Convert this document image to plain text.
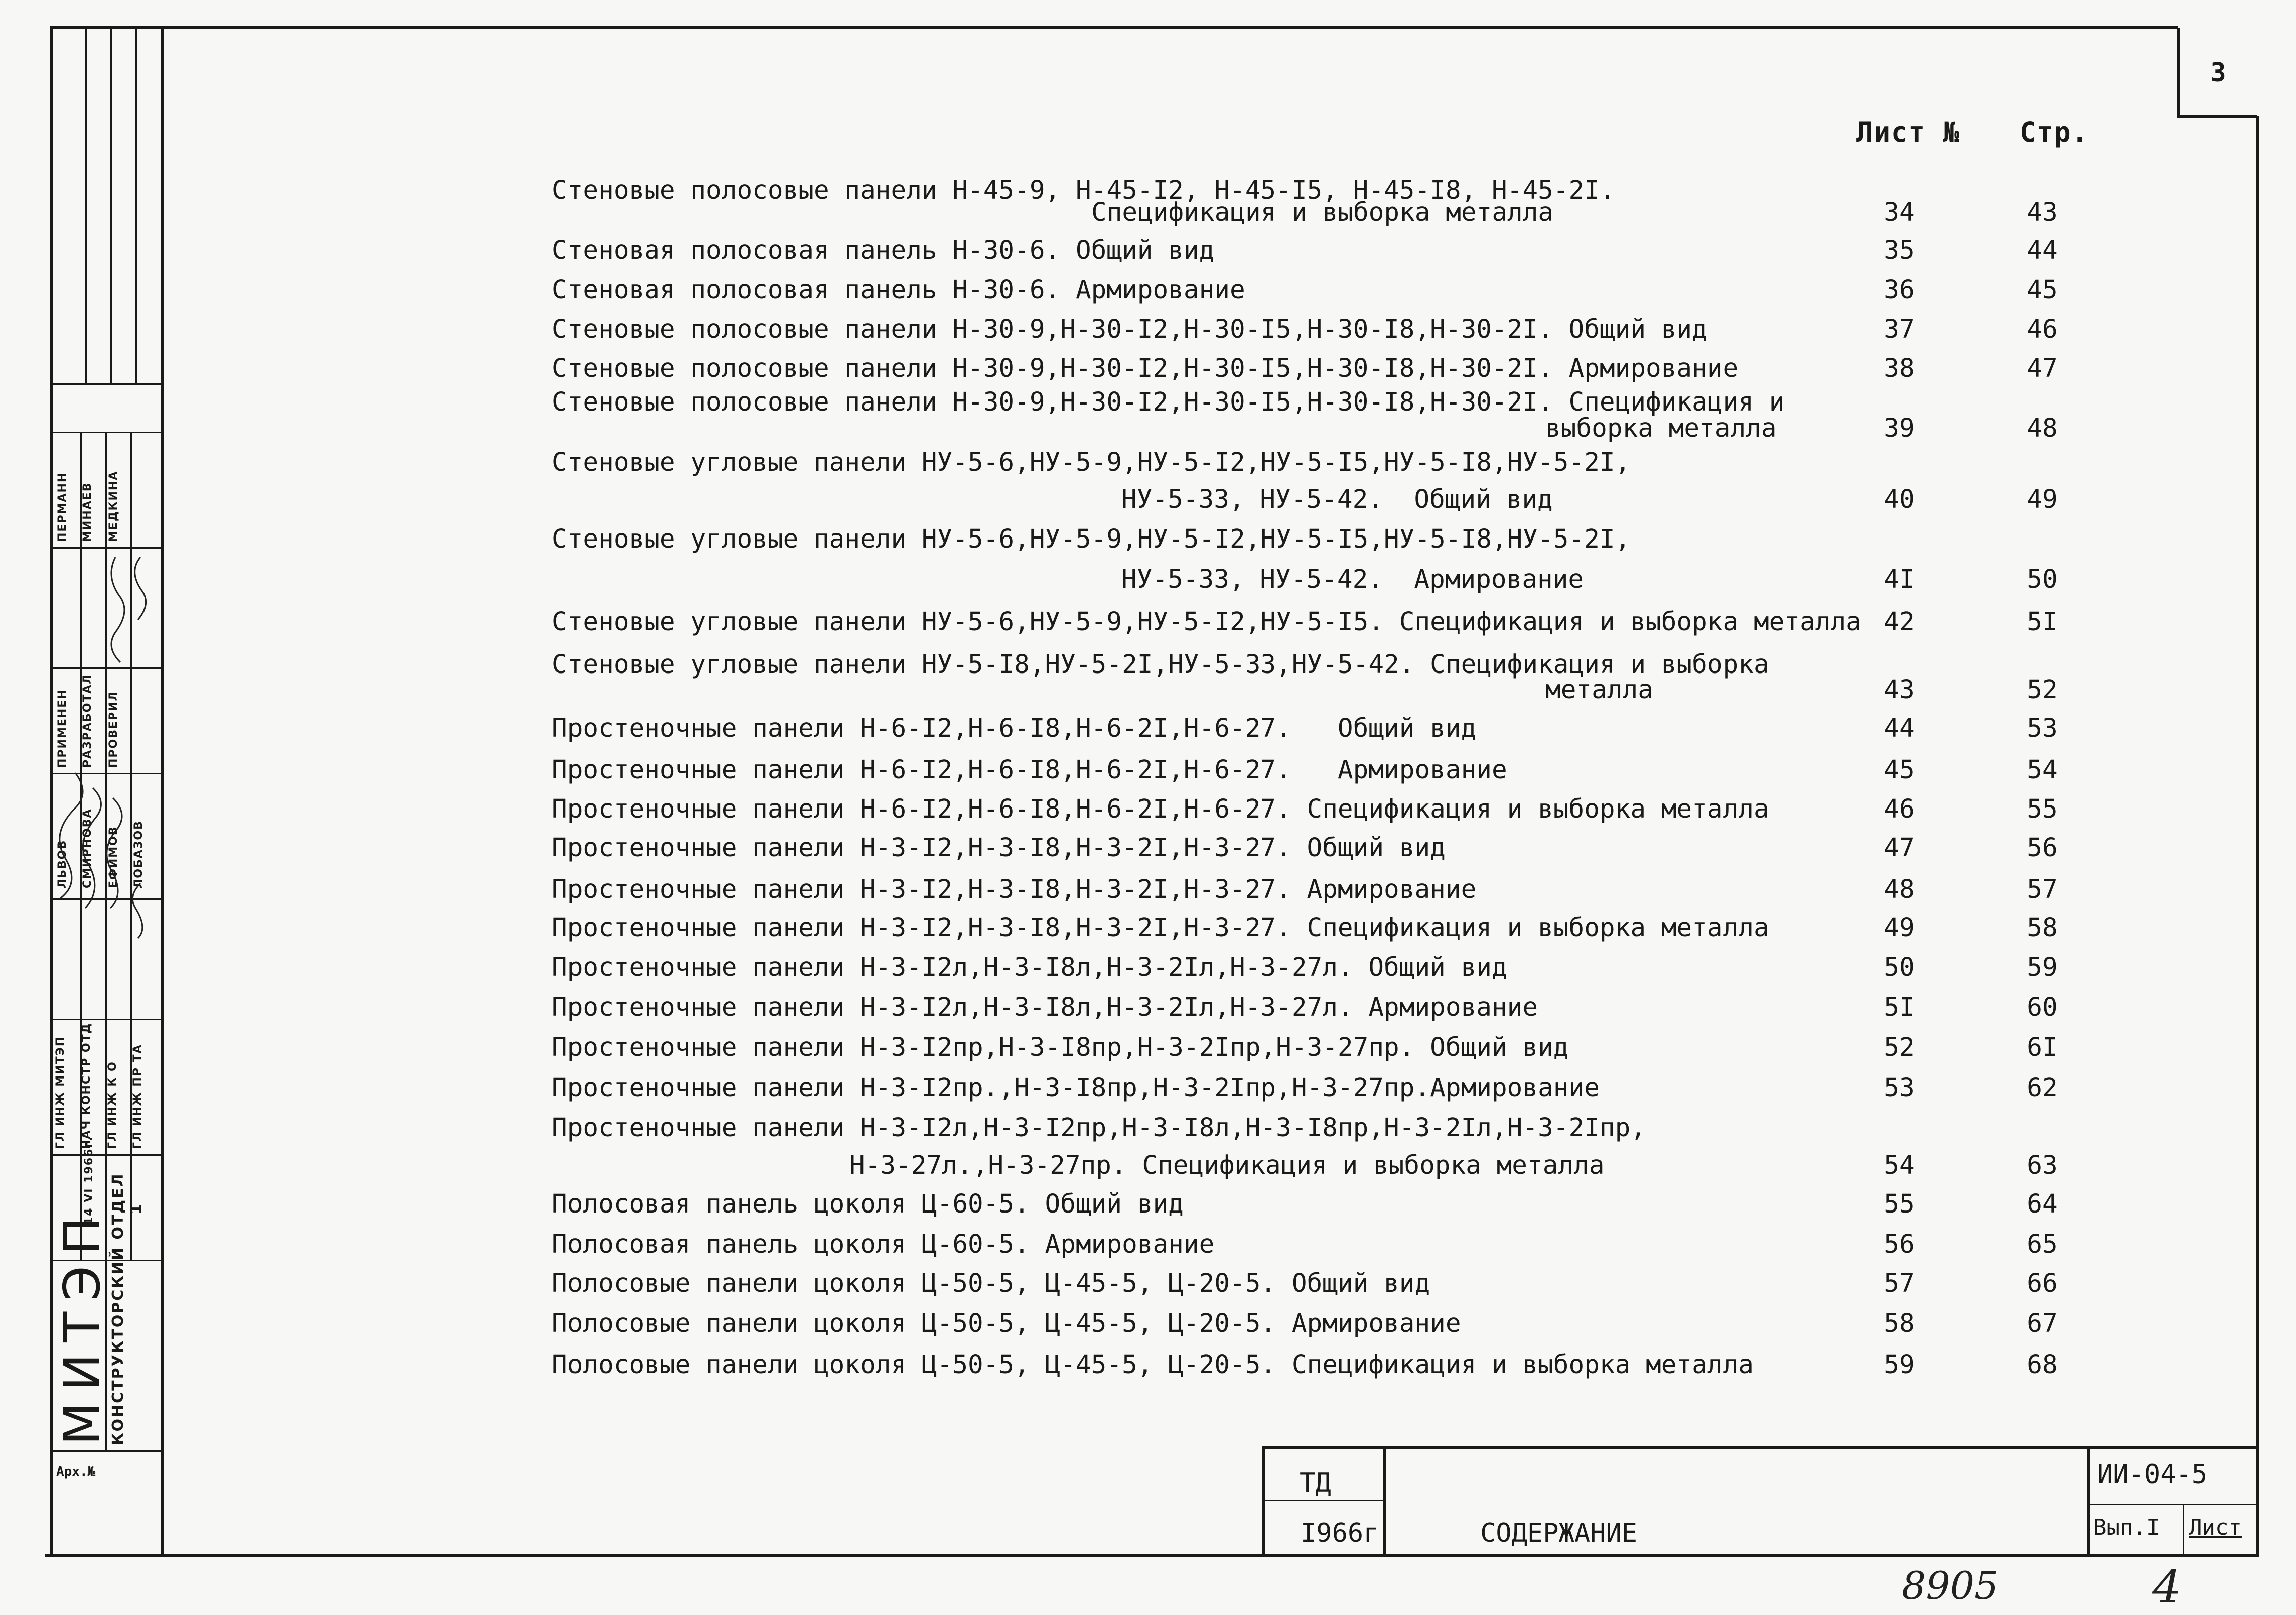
3
Лист № Стр.
Стеновые полосовые панели Н-45-9, Н-45-I2, Н-45-I5, Н-45-I8, Н-45-2I.
Спецификация и выборка металла	34	43
Стеновая полосовая панель Н-30-6. Общий вид	35	44
Стеновая полосовая панель Н-30-6. Армирование	36	45
Стеновые полосовые панели Н-30-9,Н-30-I2,Н-30-I5,Н-30-I8,Н-30-2I. Общий вид	37	46
Стеновые полосовые панели Н-30-9,Н-30-I2,Н-30-I5,Н-30-I8,Н-30-2I. Армирование	38	47
Стеновые полосовые панели Н-30-9,Н-30-I2,Н-30-I5,Н-30-I8,Н-30-2I. Спецификация и
выборка металла	39	48
Стеновые угловые панели НУ-5-6,НУ-5-9,НУ-5-I2,НУ-5-I5,НУ-5-I8,НУ-5-2I,
НУ-5-33, НУ-5-42.  Общий вид	40	49
Стеновые угловые панели НУ-5-6,НУ-5-9,НУ-5-I2,НУ-5-I5,НУ-5-I8,НУ-5-2I,
НУ-5-33, НУ-5-42.  Армирование	4I	50
Стеновые угловые панели НУ-5-6,НУ-5-9,НУ-5-I2,НУ-5-I5. Спецификация и выборка металла 42	5I
Стеновые угловые панели НУ-5-I8,НУ-5-2I,НУ-5-33,НУ-5-42. Спецификация и выборка
металла	43	52
Простеночные панели Н-6-I2,Н-6-I8,Н-6-2I,Н-6-27.   Общий вид	44	53
Простеночные панели Н-6-I2,Н-6-I8,Н-6-2I,Н-6-27.   Армирование	45	54
Простеночные панели Н-6-I2,Н-6-I8,Н-6-2I,Н-6-27. Спецификация и выборка металла	46	55
Простеночные панели Н-3-I2,Н-3-I8,Н-3-2I,Н-3-27. Общий вид	47	56
Простеночные панели Н-3-I2,Н-3-I8,Н-3-2I,Н-3-27. Армирование	48	57
Простеночные панели Н-3-I2,Н-3-I8,Н-3-2I,Н-3-27. Спецификация и выборка металла	49	58
Простеночные панели Н-3-I2л,Н-3-I8л,Н-3-2Iл,Н-3-27л. Общий вид	50	59
Простеночные панели Н-3-I2л,Н-3-I8л,Н-3-2Iл,Н-3-27л. Армирование	5I	60
Простеночные панели Н-3-I2пр,Н-3-I8пр,Н-3-2Iпр,Н-3-27пр. Общий вид	52	6I
Простеночные панели Н-3-I2пр.,Н-3-I8пр,Н-3-2Iпр,Н-3-27пр.Армирование	53	62
Простеночные панели Н-3-I2л,Н-3-I2пр,Н-3-I8л,Н-3-I8пр,Н-3-2Iл,Н-3-2Iпр,
Н-3-27л.,Н-3-27пр. Спецификация и выборка металла	54	63
Полосовая панель цоколя Ц-60-5. Общий вид	55	64
Полосовая панель цоколя Ц-60-5. Армирование	56	65
Полосовые панели цоколя Ц-50-5, Ц-45-5, Ц-20-5. Общий вид	57	66
Полосовые панели цоколя Ц-50-5, Ц-45-5, Ц-20-5. Армирование	58	67
Полосовые панели цоколя Ц-50-5, Ц-45-5, Ц-20-5. Спецификация и выборка металла	59	68
МИТЭП
КОНСТРУКТОРСКИЙ ОТДЕЛ
14 VI 1966г. 1
ГЛ ИНЖ МИТЭП НАЧ КОНСТР ОТД ГЛ ИНЖ К О ГЛ ИНЖ ПР ТА
ЛЬВОВ СМИРНОВА ЕФИМОВ ЛОБАЗОВ
ПРИМЕНЕН РАЗРАБОТАЛ ПРОВЕРИЛ
ПЕРМАНН МИНАЕВ МЕДКИНА
Арх.№	ТД
I966г	СОДЕРЖАНИЕ
ИИ-04-5
Вып.I Лист
8905	4
